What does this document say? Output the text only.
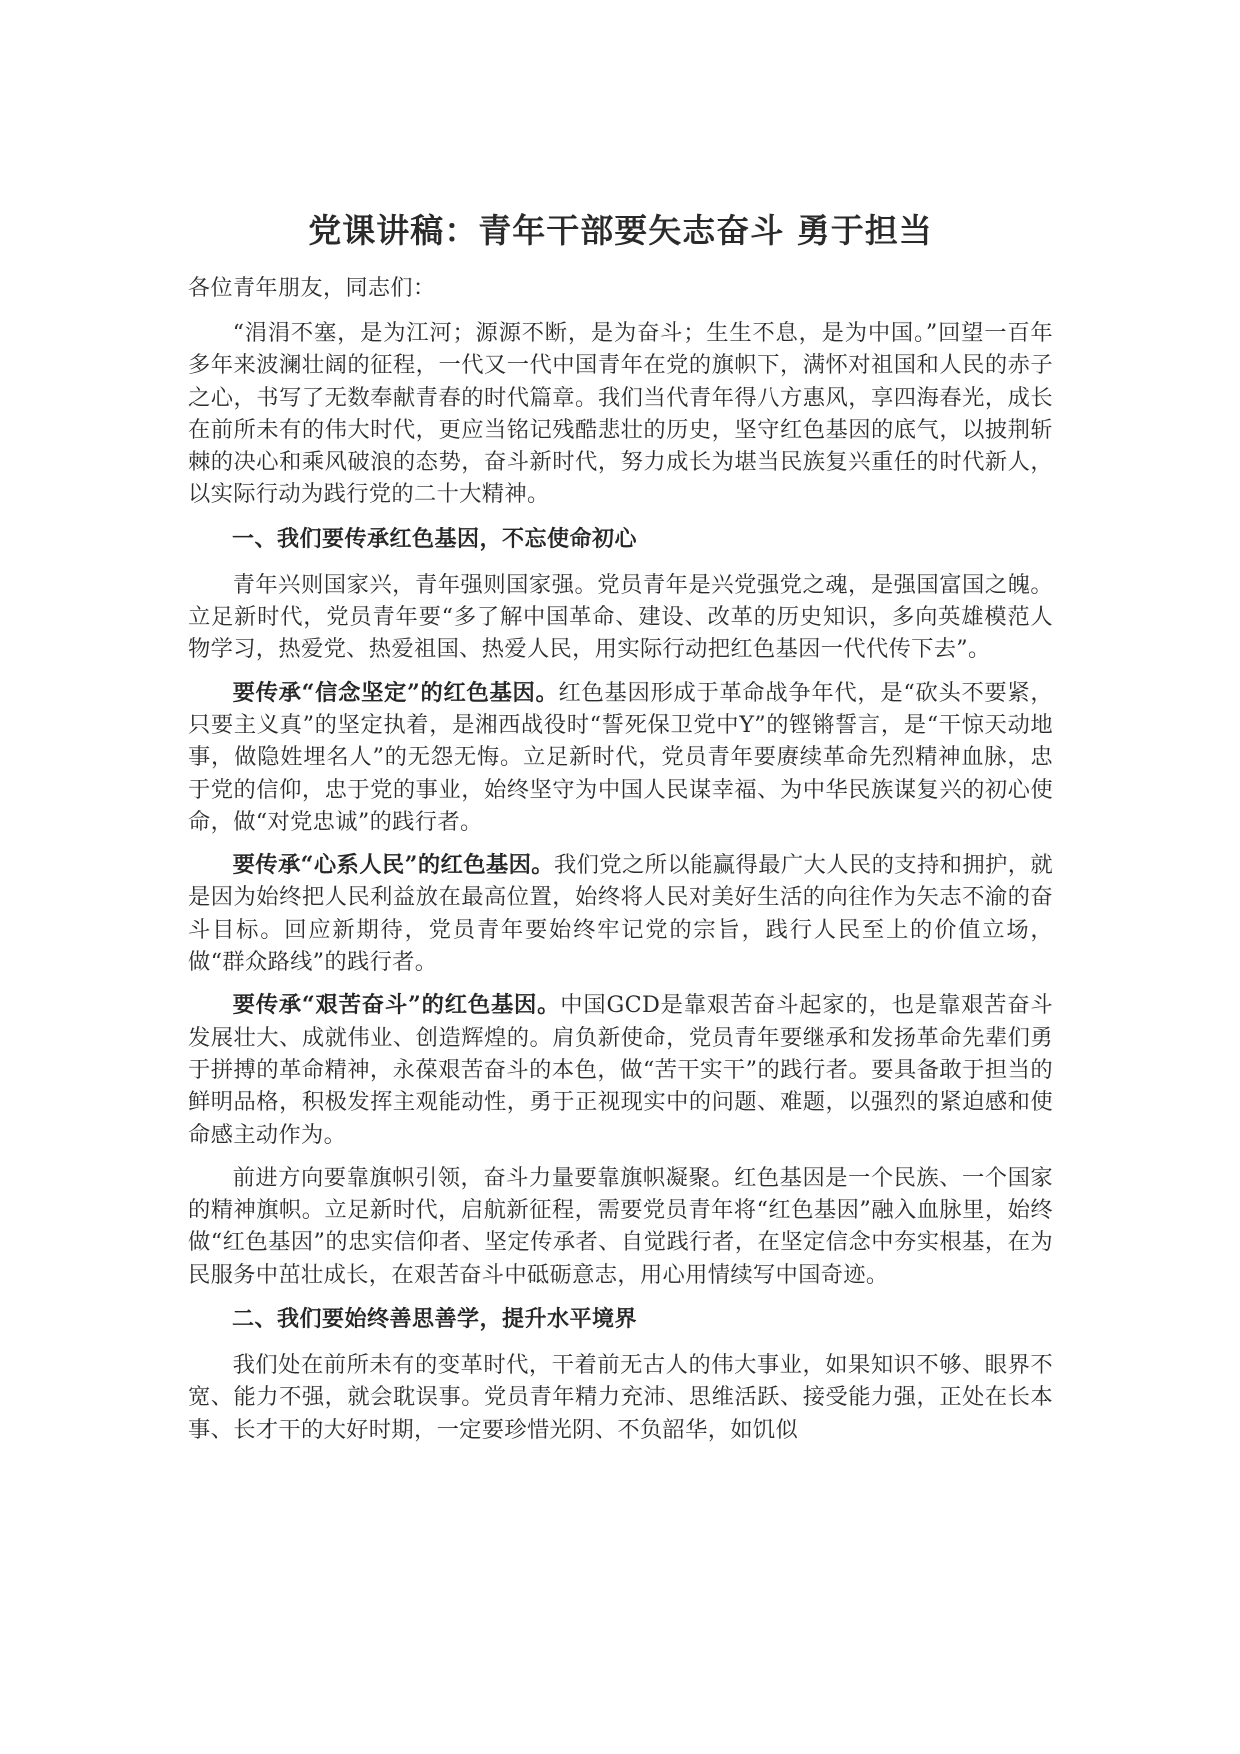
党课讲稿：青年干部要矢志奋斗 勇于担当

各位青年朋友，同志们：

“涓涓不塞，是为江河；源源不断，是为奋斗；生生不息，是为中国。”回望一百年多年来波澜壮阔的征程，一代又一代中国青年在党的旗帜下，满怀对祖国和人民的赤子之心，书写了无数奉献青春的时代篇章。我们当代青年得八方惠风，享四海春光，成长在前所未有的伟大时代，更应当铭记残酷悲壮的历史，坚守红色基因的底气，以披荆斩棘的决心和乘风破浪的态势，奋斗新时代，努力成长为堪当民族复兴重任的时代新人，以实际行动为践行党的二十大精神。

一、我们要传承红色基因，不忘使命初心

青年兴则国家兴，青年强则国家强。党员青年是兴党强党之魂，是强国富国之魄。立足新时代，党员青年要“多了解中国革命、建设、改革的历史知识，多向英雄模范人物学习，热爱党、热爱祖国、热爱人民，用实际行动把红色基因一代代传下去”。

要传承“信念坚定”的红色基因。红色基因形成于革命战争年代，是“砍头不要紧，只要主义真”的坚定执着，是湘西战役时“誓死保卫党中Y”的铿锵誓言，是“干惊天动地事，做隐姓埋名人”的无怨无悔。立足新时代，党员青年要赓续革命先烈精神血脉，忠于党的信仰，忠于党的事业，始终坚守为中国人民谋幸福、为中华民族谋复兴的初心使命，做“对党忠诚”的践行者。

要传承“心系人民”的红色基因。我们党之所以能赢得最广大人民的支持和拥护，就是因为始终把人民利益放在最高位置，始终将人民对美好生活的向往作为矢志不渝的奋斗目标。回应新期待，党员青年要始终牢记党的宗旨，践行人民至上的价值立场，做“群众路线”的践行者。

要传承“艰苦奋斗”的红色基因。中国GCD是靠艰苦奋斗起家的，也是靠艰苦奋斗发展壮大、成就伟业、创造辉煌的。肩负新使命，党员青年要继承和发扬革命先辈们勇于拼搏的革命精神，永葆艰苦奋斗的本色，做“苦干实干”的践行者。要具备敢于担当的鲜明品格，积极发挥主观能动性，勇于正视现实中的问题、难题，以强烈的紧迫感和使命感主动作为。

前进方向要靠旗帜引领，奋斗力量要靠旗帜凝聚。红色基因是一个民族、一个国家的精神旗帜。立足新时代，启航新征程，需要党员青年将“红色基因”融入血脉里，始终做“红色基因”的忠实信仰者、坚定传承者、自觉践行者，在坚定信念中夯实根基，在为民服务中茁壮成长，在艰苦奋斗中砥砺意志，用心用情续写中国奇迹。

二、我们要始终善思善学，提升水平境界

我们处在前所未有的变革时代，干着前无古人的伟大事业，如果知识不够、眼界不宽、能力不强，就会耽误事。党员青年精力充沛、思维活跃、接受能力强，正处在长本事、长才干的大好时期，一定要珍惜光阴、不负韶华，如饥似
